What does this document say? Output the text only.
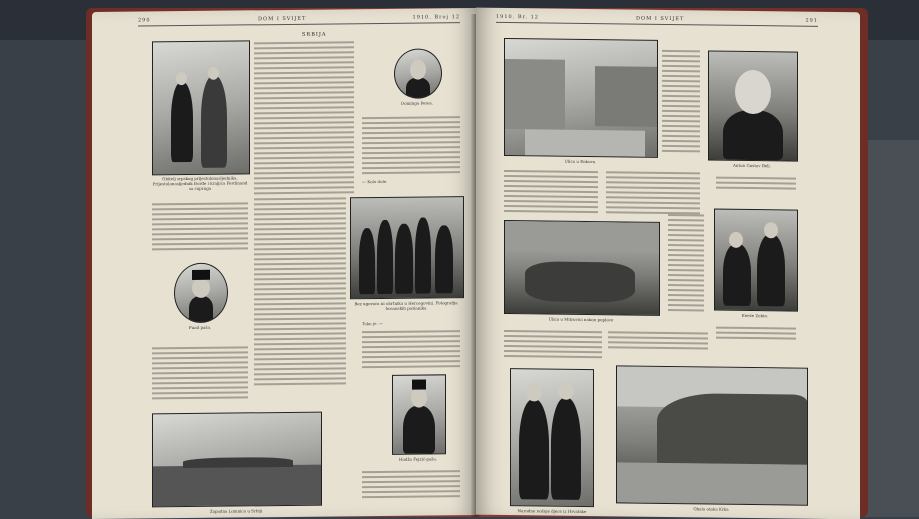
290	DOM I SVIJET	1910. Broj 12
Obitelj srpskog prijestolonasljednika. Prijestolonasljednik Đorđe i kraljica Ferdinand sa supruga
SRBIJA
Domingo Peres.
— Kolo dole.
Fuad paša.
Bez ugovora ni obrtnika u Hercegovini. Fotografija bosanskih poslanika
Tako je. —
Hodža Fejzić-paša.
Zapadna Lomnica u Srbiji
1910. Br. 12	DOM I SVIJET	291
Ulica u Đakovu
Antun Gustav Beli.
Ulica u Mitrovici nakon poplave
Kneže Zobin.
Narodne nošnje djece iz Hrvatske	Obala otoka Krka
